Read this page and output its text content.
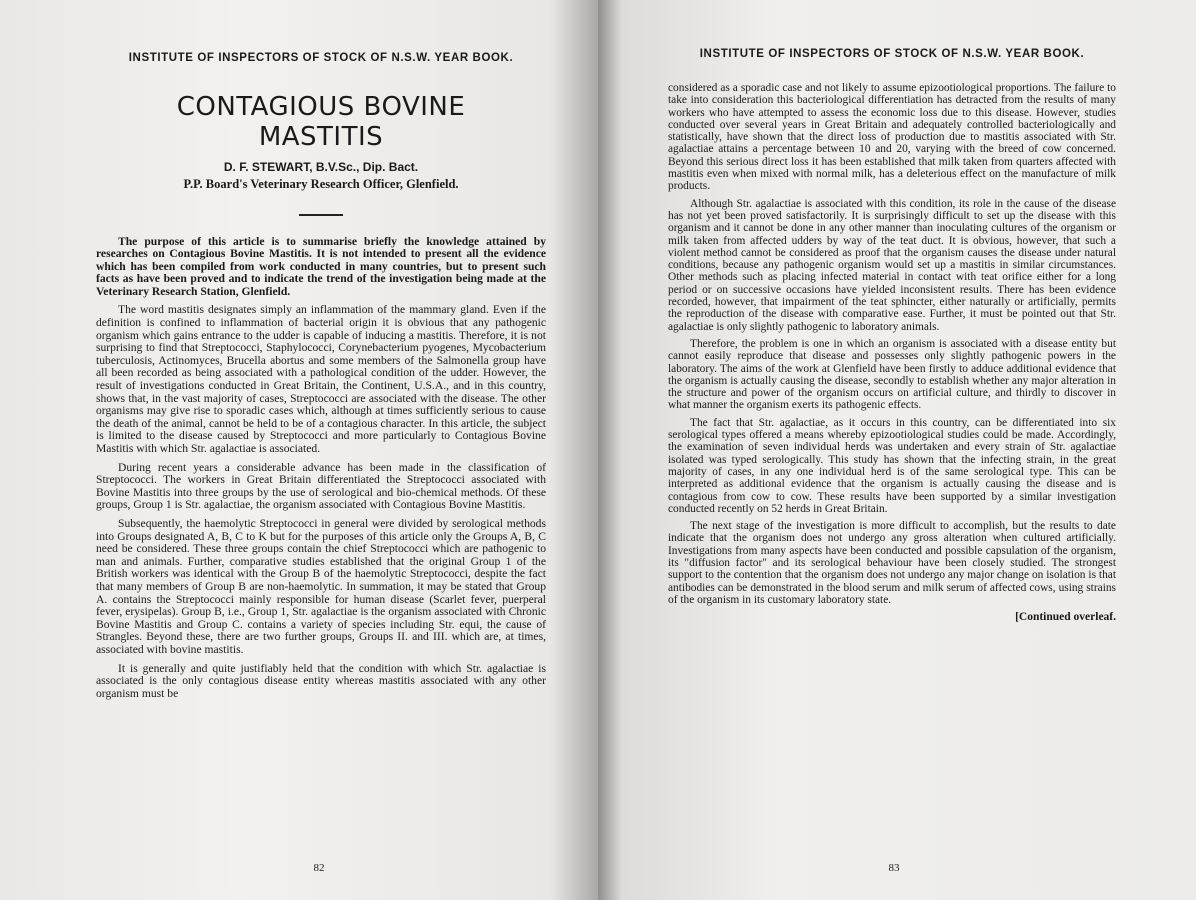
INSTITUTE OF INSPECTORS OF STOCK OF N.S.W. YEAR BOOK.
CONTAGIOUS BOVINE
MASTITIS
D. F. STEWART, B.V.Sc., Dip. Bact.
P.P. Board's Veterinary Research Officer, Glenfield.

The purpose of this article is to summarise briefly the knowledge attained by researches on Contagious Bovine Mastitis. It is not intended to present all the evidence which has been compiled from work conducted in many countries, but to present such facts as have been proved and to indicate the trend of the investigation being made at the Veterinary Research Station, Glenfield.

The word mastitis designates simply an inflammation of the mammary gland. Even if the definition is confined to inflammation of bacterial origin it is obvious that any pathogenic organism which gains entrance to the udder is capable of inducing a mastitis. Therefore, it is not surprising to find that Streptococci, Staphylococci, Corynebacterium pyogenes, Mycobacterium tuberculosis, Actinomyces, Brucella abortus and some members of the Salmonella group have all been recorded as being associated with a pathological condition of the udder. However, the result of investigations conducted in Great Britain, the Continent, U.S.A., and in this country, shows that, in the vast majority of cases, Streptococci are associated with the disease. The other organisms may give rise to sporadic cases which, although at times sufficiently serious to cause the death of the animal, cannot be held to be of a contagious character. In this article, the subject is limited to the disease caused by Streptococci and more particularly to Contagious Bovine Mastitis with which Str. agalactiae is associated.

During recent years a considerable advance has been made in the classification of Streptococci. The workers in Great Britain differentiated the Streptococci associated with Bovine Mastitis into three groups by the use of serological and bio-chemical methods. Of these groups, Group 1 is Str. agalactiae, the organism associated with Contagious Bovine Mastitis.

Subsequently, the haemolytic Streptococci in general were divided by serological methods into Groups designated A, B, C to K but for the purposes of this article only the Groups A, B, C need be considered. These three groups contain the chief Streptococci which are pathogenic to man and animals. Further, comparative studies established that the original Group 1 of the British workers was identical with the Group B of the haemolytic Streptococci, despite the fact that many members of Group B are non-haemolytic. In summation, it may be stated that Group A. contains the Streptococci mainly responsible for human disease (Scarlet fever, puerperal fever, erysipelas). Group B, i.e., Group 1, Str. agalactiae is the organism associated with Chronic Bovine Mastitis and Group C. contains a variety of species including Str. equi, the cause of Strangles. Beyond these, there are two further groups, Groups II. and III. which are, at times, associated with bovine mastitis.

It is generally and quite justifiably held that the condition with which Str. agalactiae is associated is the only contagious disease entity whereas mastitis associated with any other organism must be

82
INSTITUTE OF INSPECTORS OF STOCK OF N.S.W. YEAR BOOK.

considered as a sporadic case and not likely to assume epizootiological proportions. The failure to take into consideration this bacteriological differentiation has detracted from the results of many workers who have attempted to assess the economic loss due to this disease. However, studies conducted over several years in Great Britain and adequately controlled bacteriologically and statistically, have shown that the direct loss of production due to mastitis associated with Str. agalactiae attains a percentage between 10 and 20, varying with the breed of cow concerned. Beyond this serious direct loss it has been established that milk taken from quarters affected with mastitis even when mixed with normal milk, has a deleterious effect on the manufacture of milk products.

Although Str. agalactiae is associated with this condition, its role in the cause of the disease has not yet been proved satisfactorily. It is surprisingly difficult to set up the disease with this organism and it cannot be done in any other manner than inoculating cultures of the organism or milk taken from affected udders by way of the teat duct. It is obvious, however, that such a violent method cannot be considered as proof that the organism causes the disease under natural conditions, because any pathogenic organism would set up a mastitis in similar circumstances. Other methods such as placing infected material in contact with teat orifice either for a long period or on successive occasions have yielded inconsistent results. There has been evidence recorded, however, that impairment of the teat sphincter, either naturally or artificially, permits the reproduction of the disease with comparative ease. Further, it must be pointed out that Str. agalactiae is only slightly pathogenic to laboratory animals.

Therefore, the problem is one in which an organism is associated with a disease entity but cannot easily reproduce that disease and possesses only slightly pathogenic powers in the laboratory. The aims of the work at Glenfield have been firstly to adduce additional evidence that the organism is actually causing the disease, secondly to establish whether any major alteration in the structure and power of the organism occurs on artificial culture, and thirdly to discover in what manner the organism exerts its pathogenic effects.

The fact that Str. agalactiae, as it occurs in this country, can be differentiated into six serological types offered a means whereby epizootiological studies could be made. Accordingly, the examination of seven individual herds was undertaken and every strain of Str. agalactiae isolated was typed serologically. This study has shown that the infecting strain, in the great majority of cases, in any one individual herd is of the same serological type. This can be interpreted as additional evidence that the organism is actually causing the disease and is contagious from cow to cow. These results have been supported by a similar investigation conducted recently on 52 herds in Great Britain.

The next stage of the investigation is more difficult to accomplish, but the results to date indicate that the organism does not undergo any gross alteration when cultured artificially. Investigations from many aspects have been conducted and possible capsulation of the organism, its "diffusion factor" and its serological behaviour have been closely studied. The strongest support to the contention that the organism does not undergo any major change on isolation is that antibodies can be demonstrated in the blood serum and milk serum of affected cows, using strains of the organism in its customary laboratory state.

[Continued overleaf.
83
